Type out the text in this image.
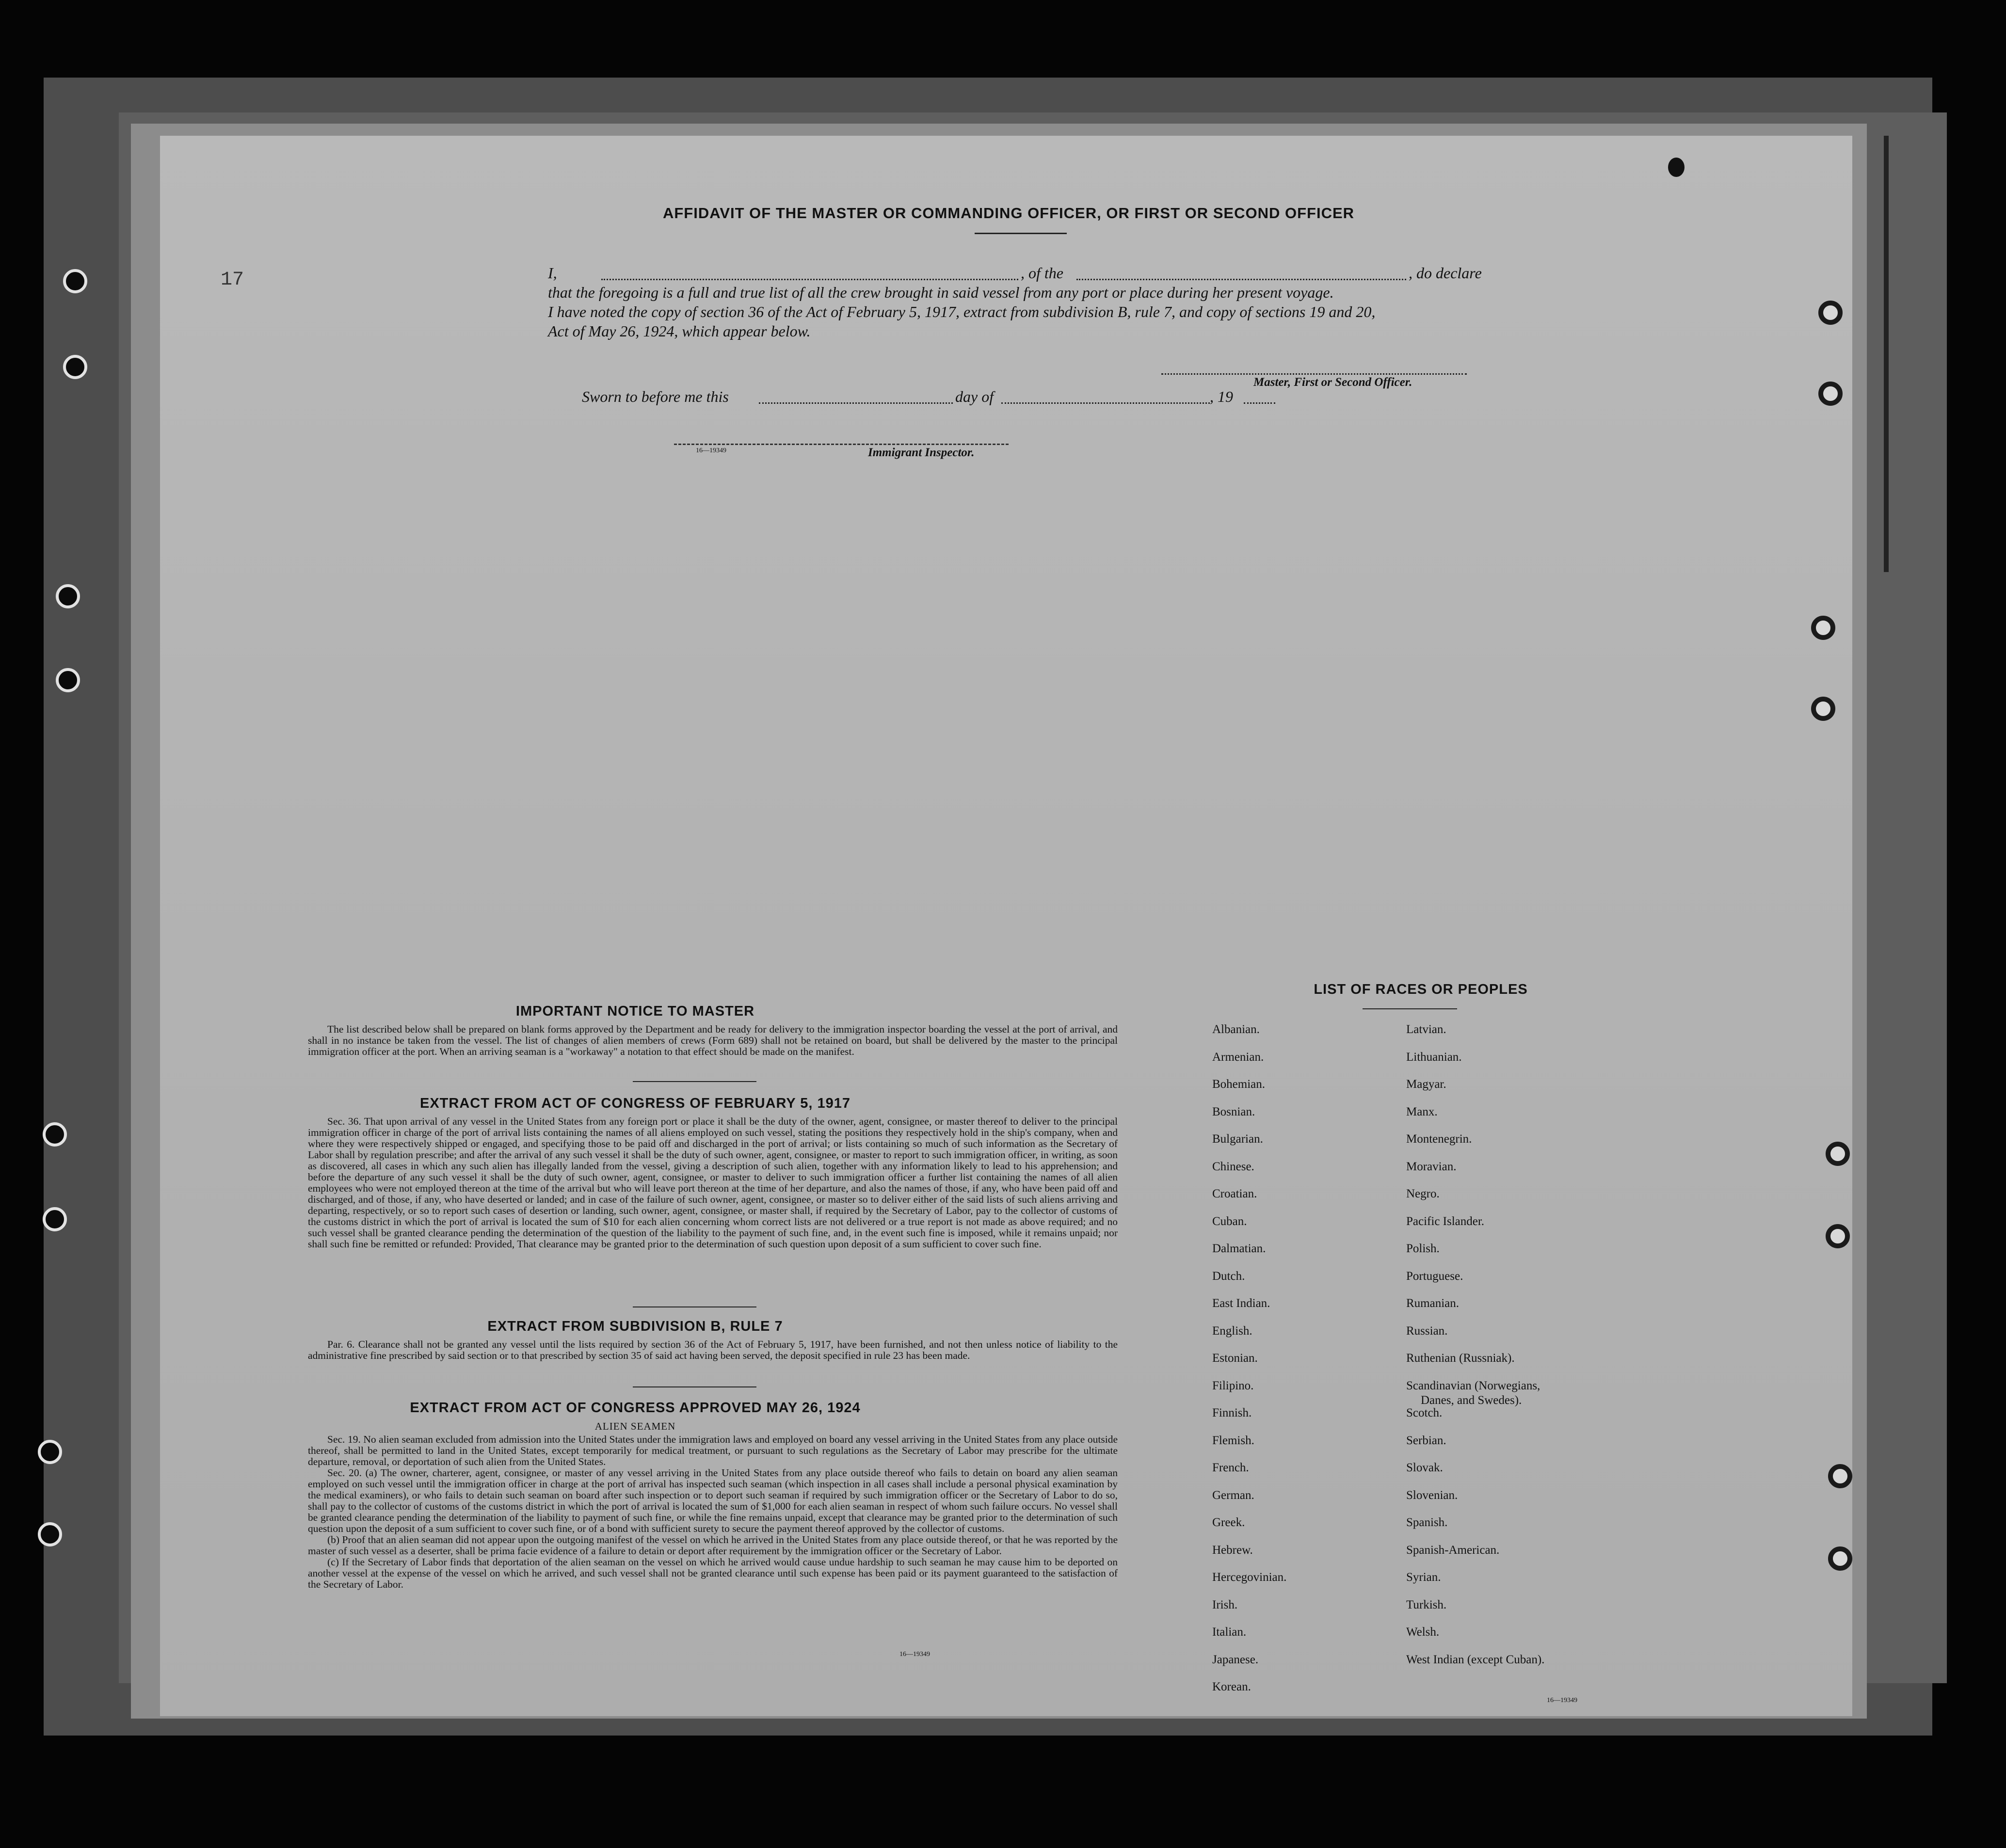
17
AFFIDAVIT OF THE MASTER OR COMMANDING OFFICER, OR FIRST OR SECOND OFFICER
I,	, of the	, do declare
that the foregoing is a full and true list of all the crew brought in said vessel from any port or place during her present voyage.
I have noted the copy of section 36 of the Act of February 5, 1917, extract from subdivision B, rule 7, and copy of sections 19 and 20,
Act of May 26, 1924, which appear below.
Master, First or Second Officer.
Sworn to before me this	day of	, 19
16—19349	Immigrant Inspector.
IMPORTANT NOTICE TO MASTER

The list described below shall be prepared on blank forms approved by the Department and be ready for delivery to the immigration inspector boarding the vessel at the port of arrival, and shall in no instance be taken from the vessel. The list of changes of alien members of crews (Form 689) shall not be retained on board, but shall be delivered by the master to the principal immigration officer at the port. When an arriving seaman is a "workaway" a notation to that effect should be made on the manifest.

EXTRACT FROM ACT OF CONGRESS OF FEBRUARY 5, 1917

Sec. 36. That upon arrival of any vessel in the United States from any foreign port or place it shall be the duty of the owner, agent, consignee, or master thereof to deliver to the principal immigration officer in charge of the port of arrival lists containing the names of all aliens employed on such vessel, stating the positions they respectively hold in the ship's company, when and where they were respectively shipped or engaged, and specifying those to be paid off and discharged in the port of arrival; or lists containing so much of such information as the Secretary of Labor shall by regulation prescribe; and after the arrival of any such vessel it shall be the duty of such owner, agent, consignee, or master to report to such immigration officer, in writing, as soon as discovered, all cases in which any such alien has illegally landed from the vessel, giving a description of such alien, together with any information likely to lead to his apprehension; and before the departure of any such vessel it shall be the duty of such owner, agent, consignee, or master to deliver to such immigration officer a further list containing the names of all alien employees who were not employed thereon at the time of the arrival but who will leave port thereon at the time of her departure, and also the names of those, if any, who have been paid off and discharged, and of those, if any, who have deserted or landed; and in case of the failure of such owner, agent, consignee, or master so to deliver either of the said lists of such aliens arriving and departing, respectively, or so to report such cases of desertion or landing, such owner, agent, consignee, or master shall, if required by the Secretary of Labor, pay to the collector of customs of the customs district in which the port of arrival is located the sum of $10 for each alien concerning whom correct lists are not delivered or a true report is not made as above required; and no such vessel shall be granted clearance pending the determination of the question of the liability to the payment of such fine, and, in the event such fine is imposed, while it remains unpaid; nor shall such fine be remitted or refunded: Provided, That clearance may be granted prior to the determination of such question upon deposit of a sum sufficient to cover such fine.

EXTRACT FROM SUBDIVISION B, RULE 7

Par. 6. Clearance shall not be granted any vessel until the lists required by section 36 of the Act of February 5, 1917, have been furnished, and not then unless notice of liability to the administrative fine prescribed by said section or to that prescribed by section 35 of said act having been served, the deposit specified in rule 23 has been made.

EXTRACT FROM ACT OF CONGRESS APPROVED MAY 26, 1924
ALIEN SEAMEN

Sec. 19. No alien seaman excluded from admission into the United States under the immigration laws and employed on board any vessel arriving in the United States from any place outside thereof, shall be permitted to land in the United States, except temporarily for medical treatment, or pursuant to such regulations as the Secretary of Labor may prescribe for the ultimate departure, removal, or deportation of such alien from the United States.

Sec. 20. (a) The owner, charterer, agent, consignee, or master of any vessel arriving in the United States from any place outside thereof who fails to detain on board any alien seaman employed on such vessel until the immigration officer in charge at the port of arrival has inspected such seaman (which inspection in all cases shall include a personal physical examination by the medical examiners), or who fails to detain such seaman on board after such inspection or to deport such seaman if required by such immigration officer or the Secretary of Labor to do so, shall pay to the collector of customs of the customs district in which the port of arrival is located the sum of $1,000 for each alien seaman in respect of whom such failure occurs. No vessel shall be granted clearance pending the determination of the liability to payment of such fine, or while the fine remains unpaid, except that clearance may be granted prior to the determination of such question upon the deposit of a sum sufficient to cover such fine, or of a bond with sufficient surety to secure the payment thereof approved by the collector of customs.

(b) Proof that an alien seaman did not appear upon the outgoing manifest of the vessel on which he arrived in the United States from any place outside thereof, or that he was reported by the master of such vessel as a deserter, shall be prima facie evidence of a failure to detain or deport after requirement by the immigration officer or the Secretary of Labor.

(c) If the Secretary of Labor finds that deportation of the alien seaman on the vessel on which he arrived would cause undue hardship to such seaman he may cause him to be deported on another vessel at the expense of the vessel on which he arrived, and such vessel shall not be granted clearance until such expense has been paid or its payment guaranteed to the satisfaction of the Secretary of Labor.

16—19349
LIST OF RACES OR PEOPLES
Albanian.
Armenian.
Bohemian.
Bosnian.
Bulgarian.
Chinese.
Croatian.
Cuban.
Dalmatian.
Dutch.
East Indian.
English.
Estonian.
Filipino.
Finnish.
Flemish.
French.
German.
Greek.
Hebrew.
Hercegovinian.
Irish.
Italian.
Japanese.
Korean.
Latvian.
Lithuanian.
Magyar.
Manx.
Montenegrin.
Moravian.
Negro.
Pacific Islander.
Polish.
Portuguese.
Rumanian.
Russian.
Ruthenian (Russniak).
Scandinavian (Norwegians,
Danes, and Swedes).
Scotch.
Serbian.
Slovak.
Slovenian.
Spanish.
Spanish-American.
Syrian.
Turkish.
Welsh.
West Indian (except Cuban).
16—19349
